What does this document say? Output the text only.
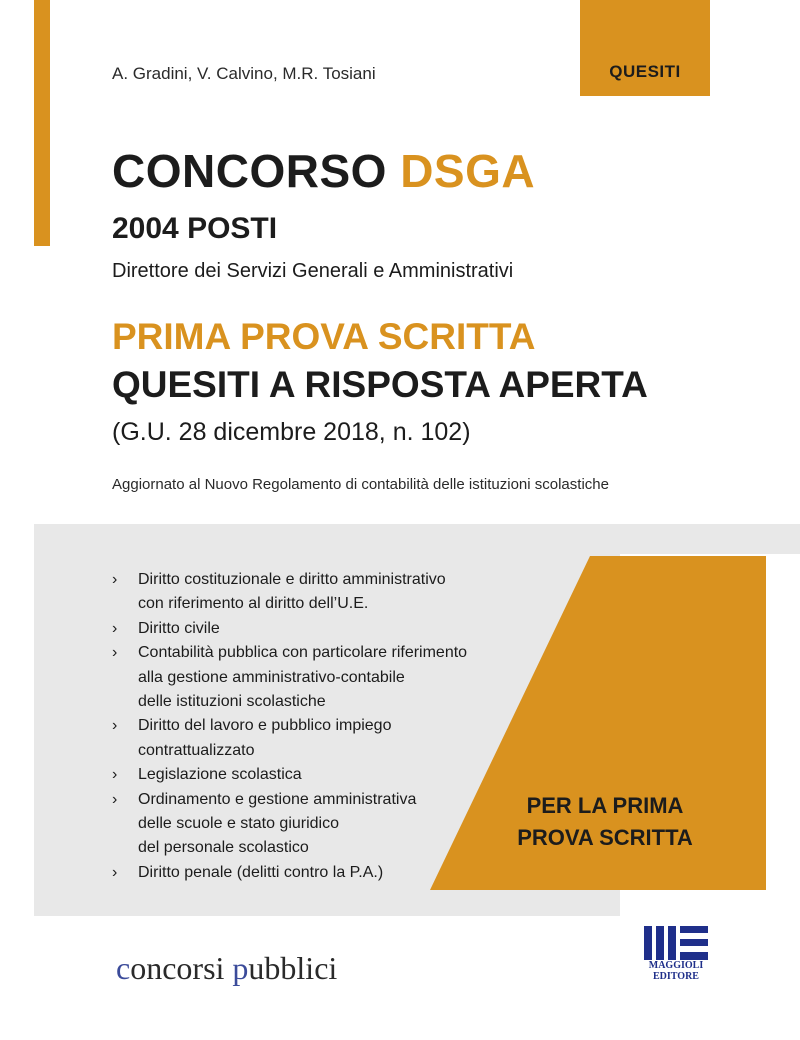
QUESITI
A. Gradini, V. Calvino, M.R. Tosiani
CONCORSO DSGA
2004 POSTI
Direttore dei Servizi Generali e Amministrativi
PRIMA PROVA SCRITTA
QUESITI A RISPOSTA APERTA
(G.U. 28 dicembre 2018, n. 102)
Aggiornato al Nuovo Regolamento di contabilità delle istituzioni scolastiche
› Diritto costituzionale e diritto amministrativo
con riferimento al diritto dell’U.E.
› Diritto civile
› Contabilità pubblica con particolare riferimento
alla gestione amministrativo-contabile
delle istituzioni scolastiche
› Diritto del lavoro e pubblico impiego
contrattualizzato
› Legislazione scolastica
› Ordinamento e gestione amministrativa
delle scuole e stato giuridico
del personale scolastico
› Diritto penale (delitti contro la P.A.)
PER LA PRIMA
PROVA SCRITTA
concorsi pubblici	MAGGIOLI
EDITORE
